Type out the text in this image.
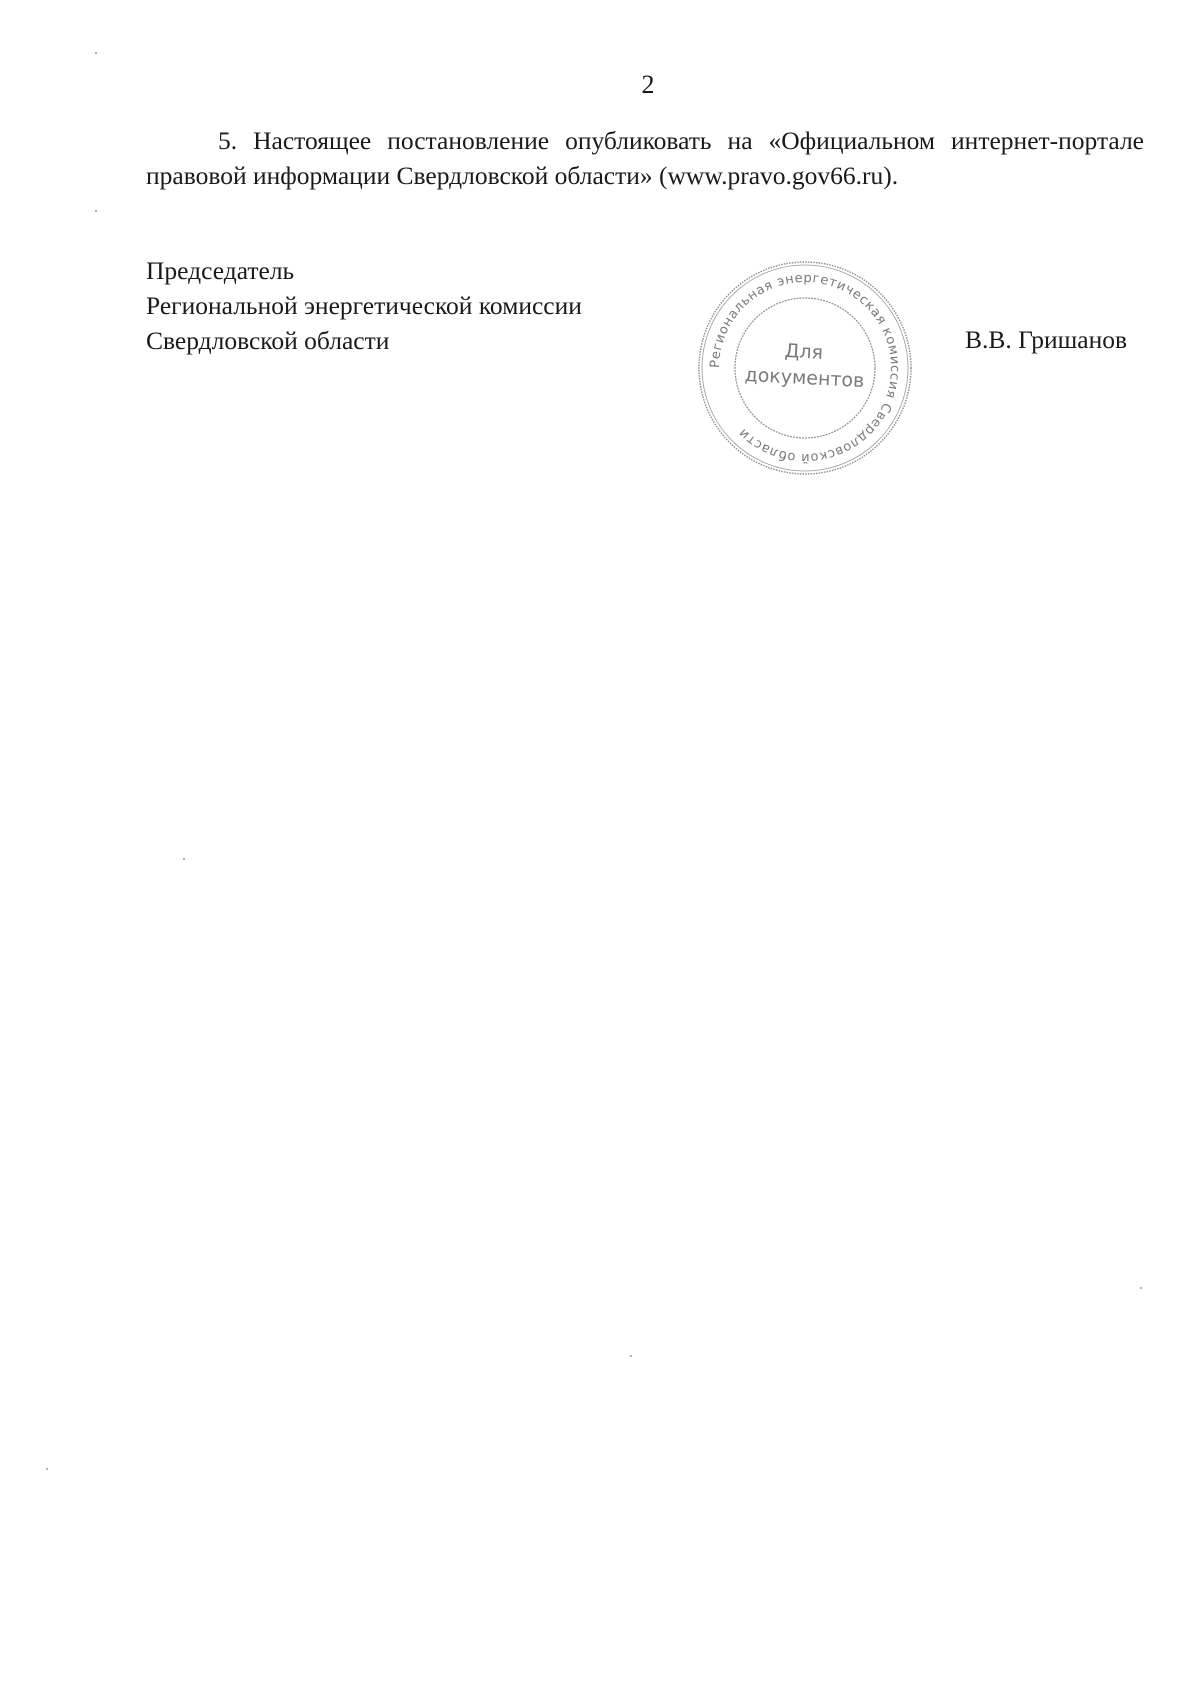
2

5. Настоящее постановление опубликовать на «Официальном интернет-портале правовой информации Свердловской области» (www.pravo.gov66.ru).

Председатель
Региональной энергетической комиссии
Свердловской области
Региональная энергетическая комиссия Свердловской области
Для
документов
В.В. Гришанов
